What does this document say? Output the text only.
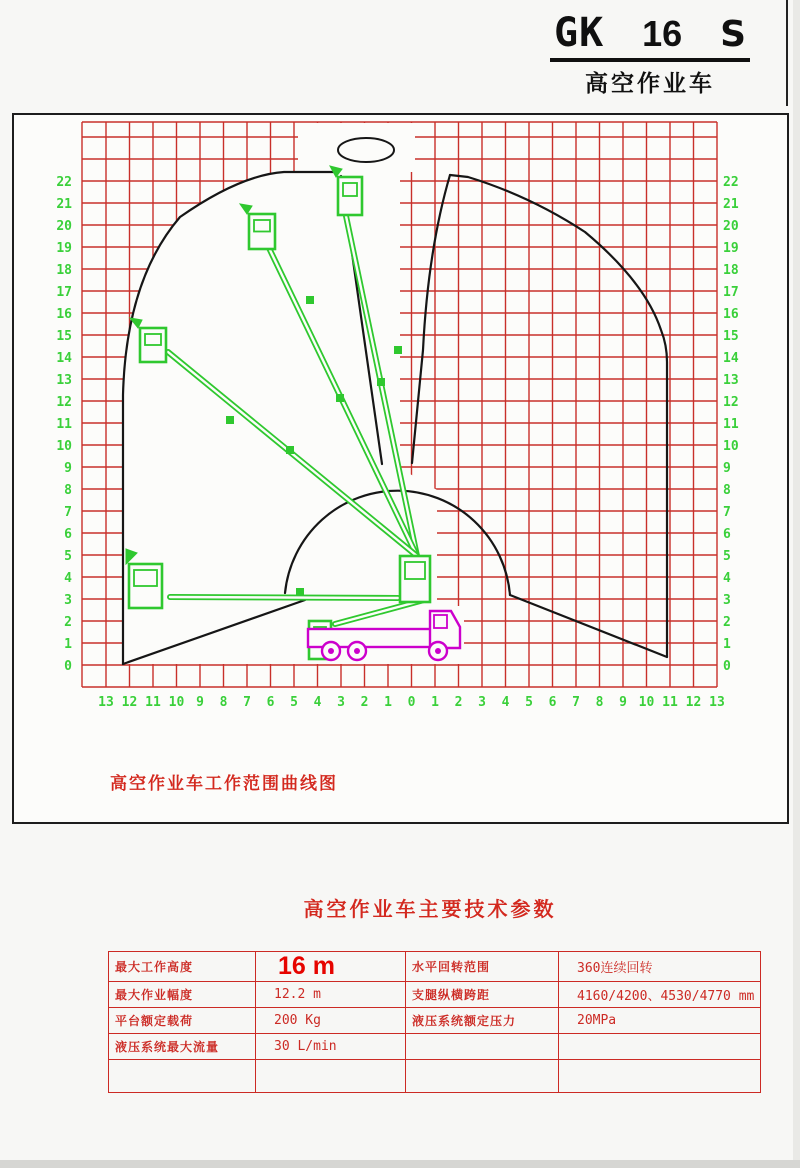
22	22
21	21
20	20
19	19
18	18
17	17
16	16
15	15
14	14
13	13
12	12
11	11
10	10
9	9
8	8
7	7
6	6
5	5
4	4
3	3
2	2
1	1
0	0
13 12 11 10 9 8 7 6 5 4 3 2 1 0 1 2 3 4 5 6 7 8 9 10 11 12 13
GK 16 S
高空作业车
高空作业车工作范围曲线图
高空作业车主要技术参数
最大工作高度	16 m	水平回转范围	360连续回转
最大作业幅度	12.2 m	支腿纵横跨距	4160/4200、4530/4770 mm
平台额定载荷	200 Kg	液压系统额定压力	20MPa
液压系统最大流量	30 L/min		
